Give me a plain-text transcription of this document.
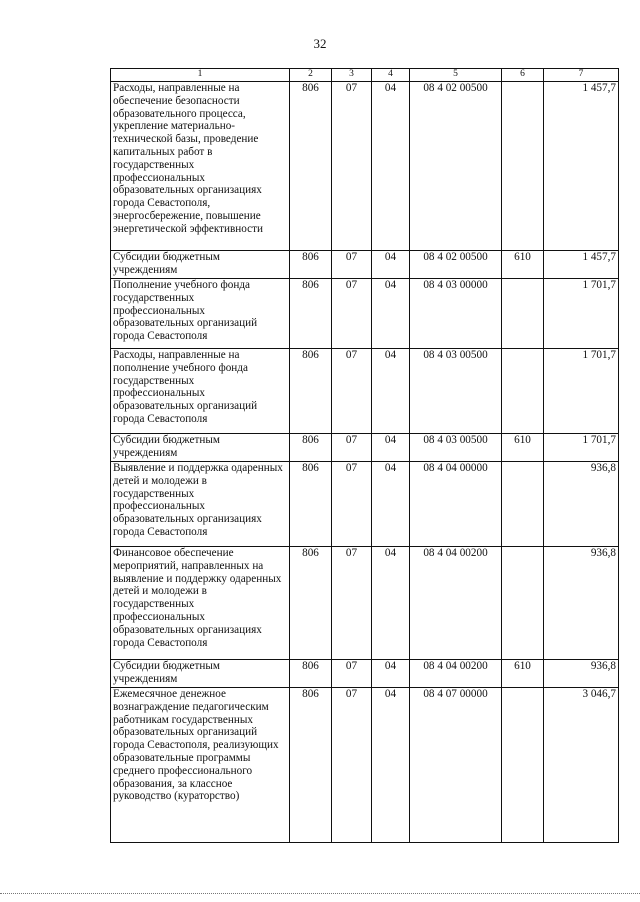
32
1	2	3	4	5	6	7
Расходы, направленные на обеспечение безопасности образовательного процесса, укрепление материально-технической базы, проведение капитальных работ в государственных профессиональных образовательных организациях города Севастополя, энергосбережение, повышение энергетической эффективности	806	07	04	08 4 02 00500		1 457,7
Субсидии бюджетным учреждениям	806	07	04	08 4 02 00500	610	1 457,7
Пополнение учебного фонда государственных профессиональных образовательных организаций города Севастополя	806	07	04	08 4 03 00000		1 701,7
Расходы, направленные на пополнение учебного фонда государственных профессиональных образовательных организаций города Севастополя	806	07	04	08 4 03 00500		1 701,7
Субсидии бюджетным учреждениям	806	07	04	08 4 03 00500	610	1 701,7
Выявление и поддержка одаренных детей и молодежи в государственных профессиональных образовательных организациях города Севастополя	806	07	04	08 4 04 00000		936,8
Финансовое обеспечение мероприятий, направленных на выявление и поддержку одаренных детей и молодежи в государственных профессиональных образовательных организациях города Севастополя	806	07	04	08 4 04 00200		936,8
Субсидии бюджетным учреждениям	806	07	04	08 4 04 00200	610	936,8
Ежемесячное денежное вознаграждение педагогическим работникам государственных образовательных организаций города Севастополя, реализующих образовательные программы среднего профессионального образования, за классное руководство (кураторство)	806	07	04	08 4 07 00000		3 046,7
